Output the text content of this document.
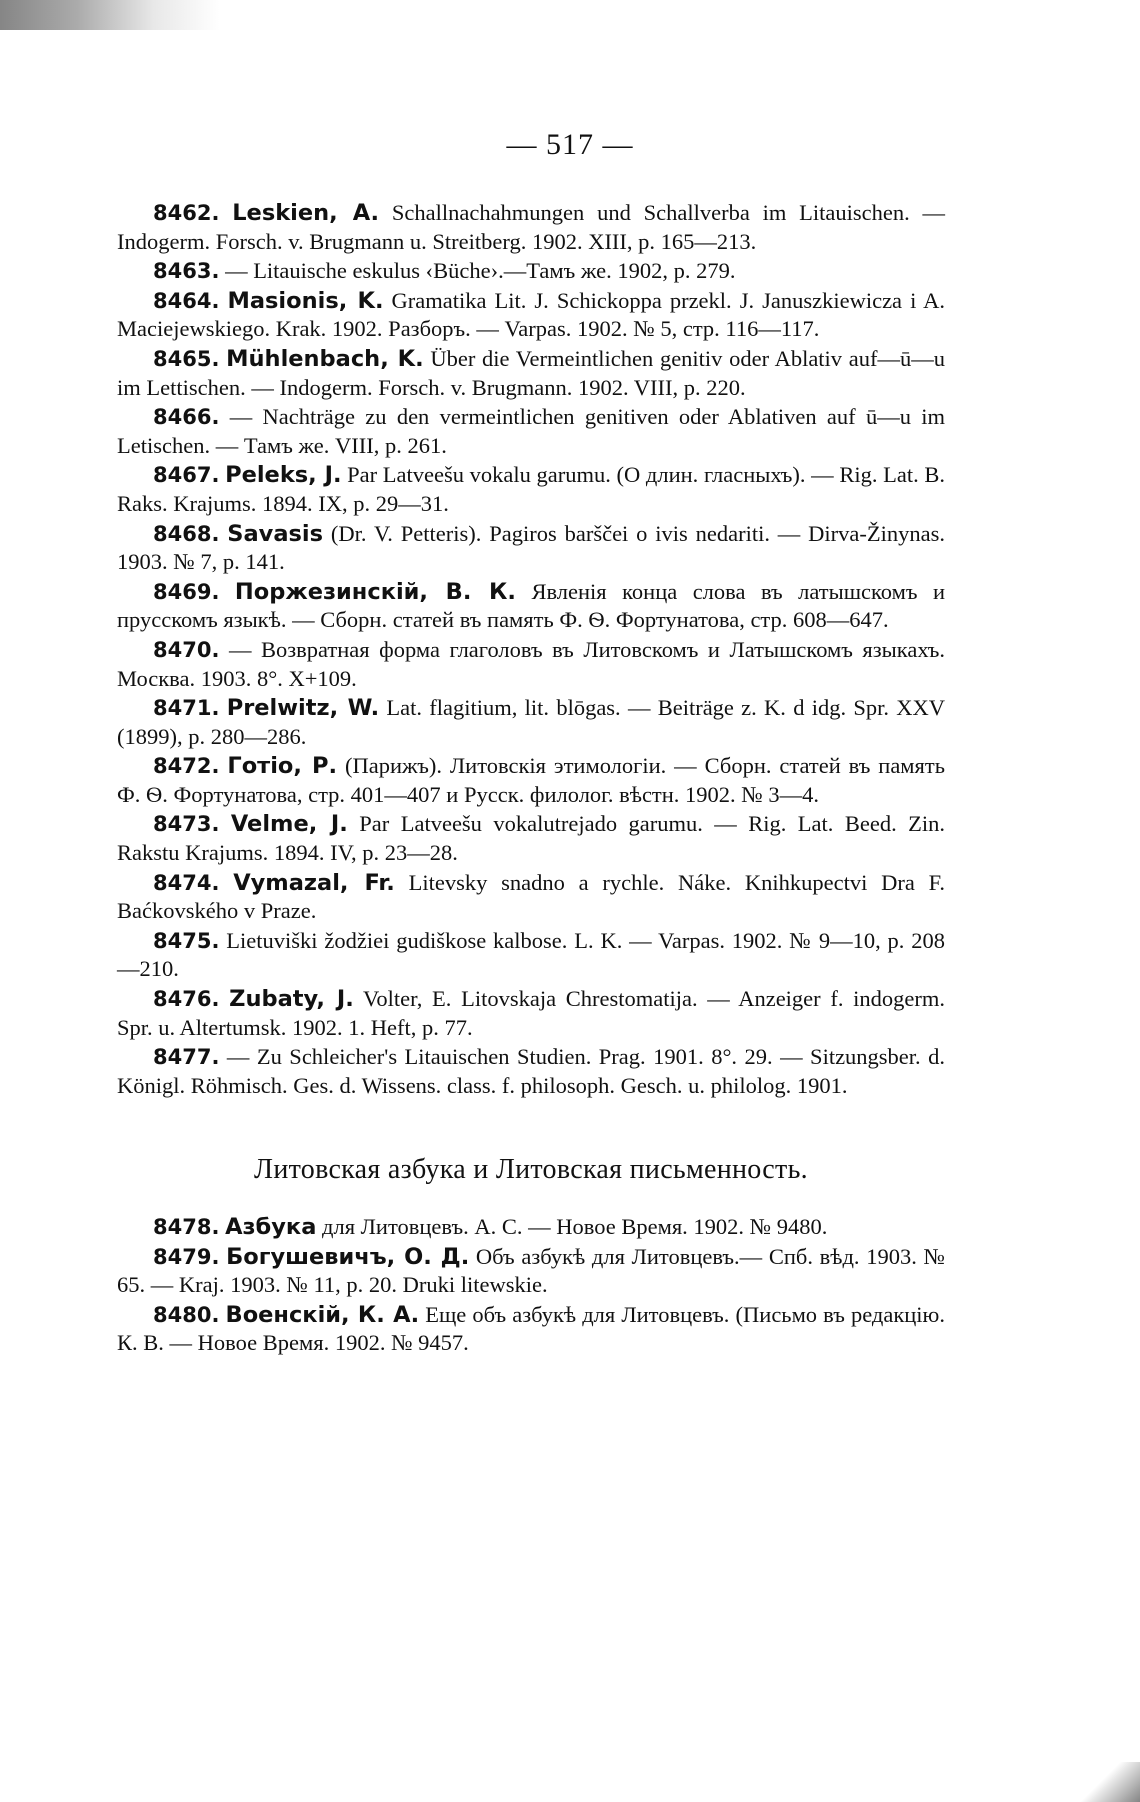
— 517 —

8462. Leskien, A. Schallnachahmungen und Schallverba im Litauischen. — Indogerm. Forsch. v. Brugmann u. Streitberg. 1902. XIII, p. 165—213.

8463. — Litauische eskulus ‹Büche›.—Тамъ же. 1902, p. 279.

8464. Masionis, K. Gramatika Lit. J. Schickoppa przekl. J. Januszkiewicza i A. Maciejewskiego. Krak. 1902. Разборъ. — Varpas. 1902. № 5, стр. 116—117.

8465. Mühlenbach, K. Über die Vermeintlichen genitiv oder Ablativ auf—ū—u im Lettischen. — Indogerm. Forsch. v. Brugmann. 1902. VIII, p. 220.

8466. — Nachträge zu den vermeintlichen genitiven oder Ablativen auf ū—u im Letischen. — Тамъ же. VIII, p. 261.

8467. Peleks, J. Par Latveešu vokalu garumu. (О длин. гласныхъ). — Rig. Lat. B. Raks. Krajums. 1894. IX, p. 29—31.

8468. Savasis (Dr. V. Petteris). Pagiros barščei o ivis nedariti. — Dirva-Žinynas. 1903. № 7, p. 141.

8469. Поржезинскій, В. К. Явленія конца слова въ латышскомъ и прусскомъ языкѣ. — Сборн. статей въ память Ф. Ѳ. Фортунатова, стр. 608—647.

8470. — Возвратная форма глаголовъ въ Литовскомъ и Латышскомъ языкахъ. Москва. 1903. 8°. X+109.

8471. Prelwitz, W. Lat. flagitium, lit. blōgas. — Beiträge z. K. d idg. Spr. XXV (1899), p. 280—286.

8472. Готіо, Р. (Парижъ). Литовскія этимологіи. — Сборн. статей въ память Ф. Ѳ. Фортунатова, стр. 401—407 и Русск. филолог. вѣстн. 1902. № 3—4.

8473. Velme, J. Par Latveešu vokalutrejado garumu. — Rig. Lat. Beed. Zin. Rakstu Krajums. 1894. IV, p. 23—28.

8474. Vymazal, Fr. Litevsky snadno a rychle. Náke. Knihkupectvi Dra F. Baćkovského v Praze.

8475. Lietuviški žodžiei gudiškose kalbose. L. K. — Varpas. 1902. № 9—10, p. 208—210.

8476. Zubaty, J. Volter, E. Litovskaja Chrestomatija. — Anzeiger f. indogerm. Spr. u. Altertumsk. 1902. 1. Heft, p. 77.

8477. — Zu Schleicher's Litauischen Studien. Prag. 1901. 8°. 29. — Sitzungsber. d. Königl. Röhmisch. Ges. d. Wissens. class. f. philosoph. Gesch. u. philolog. 1901.

Литовская азбука и Литовская письменность.

8478. Азбука для Литовцевъ. А. С. — Новое Время. 1902. № 9480.

8479. Богушевичъ, О. Д. Объ азбукѣ для Литовцевъ.— Спб. вѣд. 1903. № 65. — Kraj. 1903. № 11, p. 20. Druki litewskie.

8480. Военскій, К. А. Еще объ азбукѣ для Литовцевъ. (Письмо въ редакцію. К. В. — Новое Время. 1902. № 9457.
